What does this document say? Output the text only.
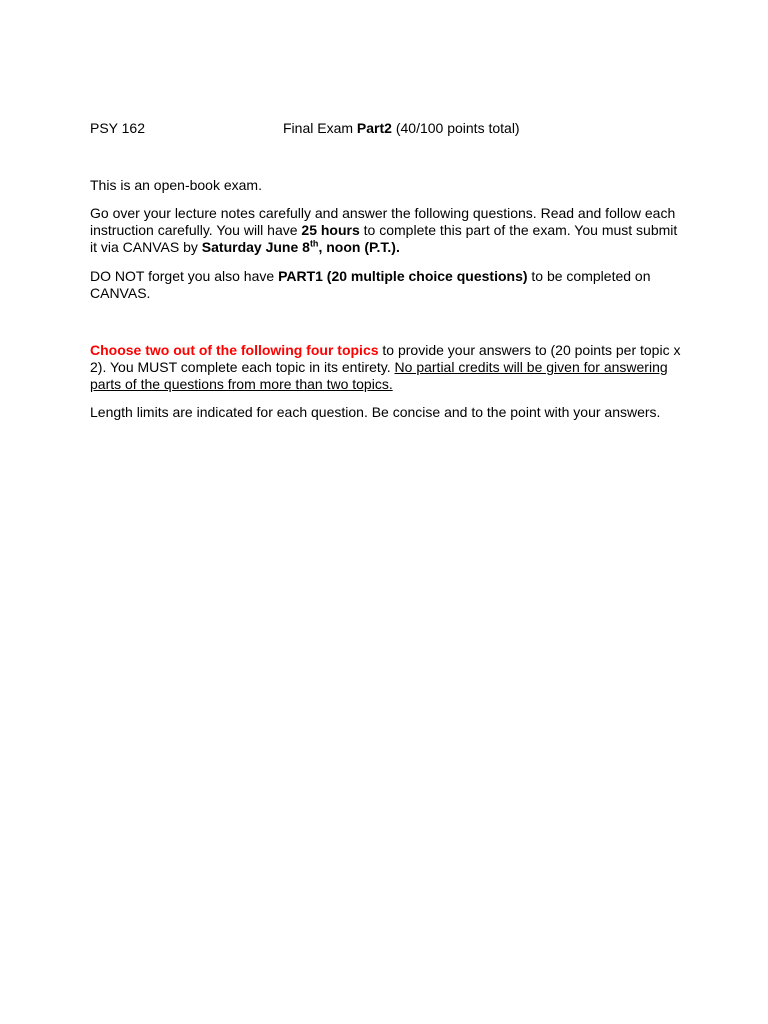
PSY 162	Final Exam Part2 (40/100 points total)

This is an open-book exam.

Go over your lecture notes carefully and answer the following questions. Read and follow each instruction carefully. You will have 25 hours to complete this part of the exam. You must submit it via CANVAS by Saturday June 8th, noon (P.T.).

DO NOT forget you also have PART1 (20 multiple choice questions) to be completed on CANVAS.

Choose two out of the following four topics to provide your answers to (20 points per topic x 2). You MUST complete each topic in its entirety. No partial credits will be given for answering parts of the questions from more than two topics.

Length limits are indicated for each question. Be concise and to the point with your answers.
